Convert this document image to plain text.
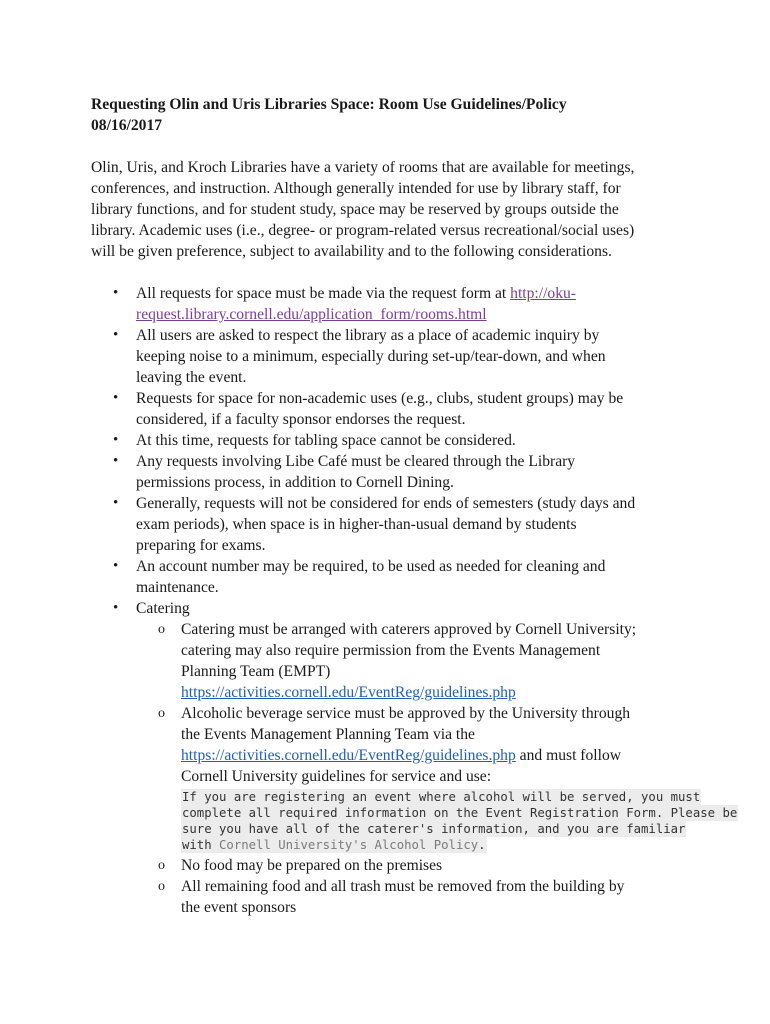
Requesting Olin and Uris Libraries Space: Room Use Guidelines/Policy
08/16/2017
Olin, Uris, and Kroch Libraries have a variety of rooms that are available for meetings,
conferences, and instruction. Although generally intended for use by library staff, for
library functions, and for student study, space may be reserved by groups outside the
library. Academic uses (i.e., degree- or program-related versus recreational/social uses)
will be given preference, subject to availability and to the following considerations.
• All requests for space must be made via the request form at http://oku-
request.library.cornell.edu/application_form/rooms.html
• All users are asked to respect the library as a place of academic inquiry by
keeping noise to a minimum, especially during set-up/tear-down, and when
leaving the event.
• Requests for space for non-academic uses (e.g., clubs, student groups) may be
considered, if a faculty sponsor endorses the request.
• At this time, requests for tabling space cannot be considered.
• Any requests involving Libe Café must be cleared through the Library
permissions process, in addition to Cornell Dining.
• Generally, requests will not be considered for ends of semesters (study days and
exam periods), when space is in higher-than-usual demand by students
preparing for exams.
• An account number may be required, to be used as needed for cleaning and
maintenance.
• Catering
o Catering must be arranged with caterers approved by Cornell University;
catering may also require permission from the Events Management
Planning Team (EMPT)
https://activities.cornell.edu/EventReg/guidelines.php
o Alcoholic beverage service must be approved by the University through
the Events Management Planning Team via the
https://activities.cornell.edu/EventReg/guidelines.php and must follow
Cornell University guidelines for service and use:
If you are registering an event where alcohol will be served, you must
complete all required information on the Event Registration Form. Please be
sure you have all of the caterer's information, and you are familiar
with Cornell University's Alcohol Policy.
o No food may be prepared on the premises
o All remaining food and all trash must be removed from the building by
the event sponsors
